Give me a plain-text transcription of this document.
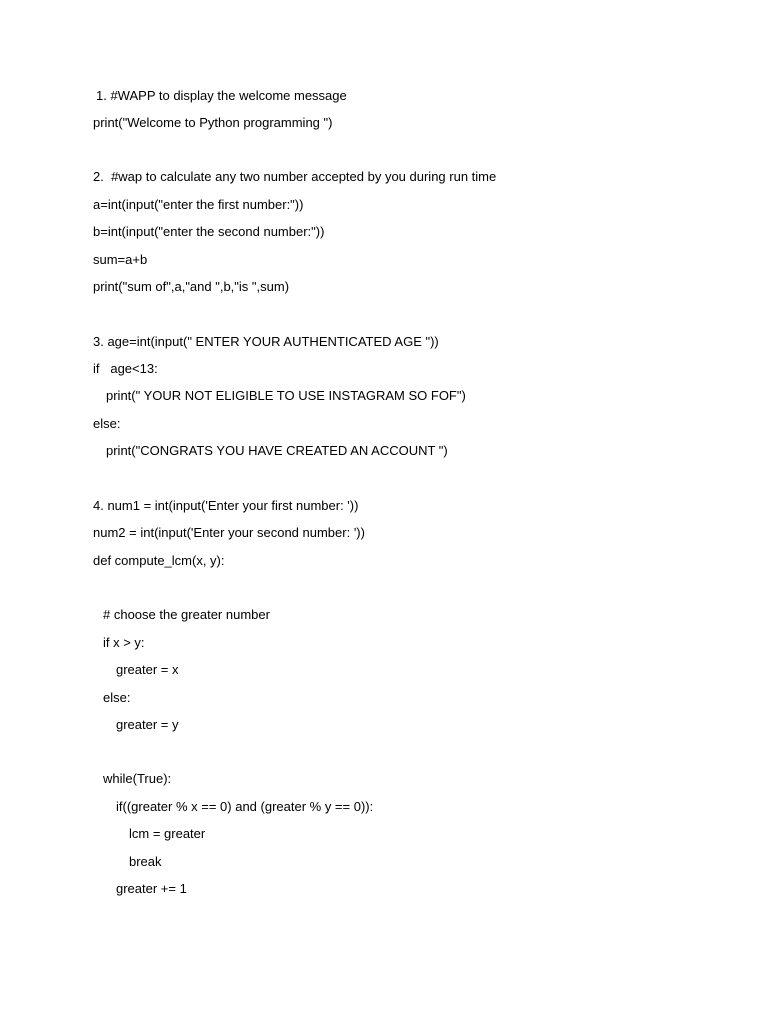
1. #WAPP to display the welcome message
print("Welcome to Python programming ")
2.  #wap to calculate any two number accepted by you during run time
a=int(input("enter the first number:"))
b=int(input("enter the second number:"))
sum=a+b
print("sum of",a,"and ",b,"is ",sum)
3. age=int(input(" ENTER YOUR AUTHENTICATED AGE "))
if   age<13:
print(" YOUR NOT ELIGIBLE TO USE INSTAGRAM SO FOF")
else:
print("CONGRATS YOU HAVE CREATED AN ACCOUNT ")
4. num1 = int(input('Enter your first number: '))
num2 = int(input('Enter your second number: '))
def compute_lcm(x, y):
# choose the greater number
if x > y:
greater = x
else:
greater = y
while(True):
if((greater % x == 0) and (greater % y == 0)):
lcm = greater
break
greater += 1
